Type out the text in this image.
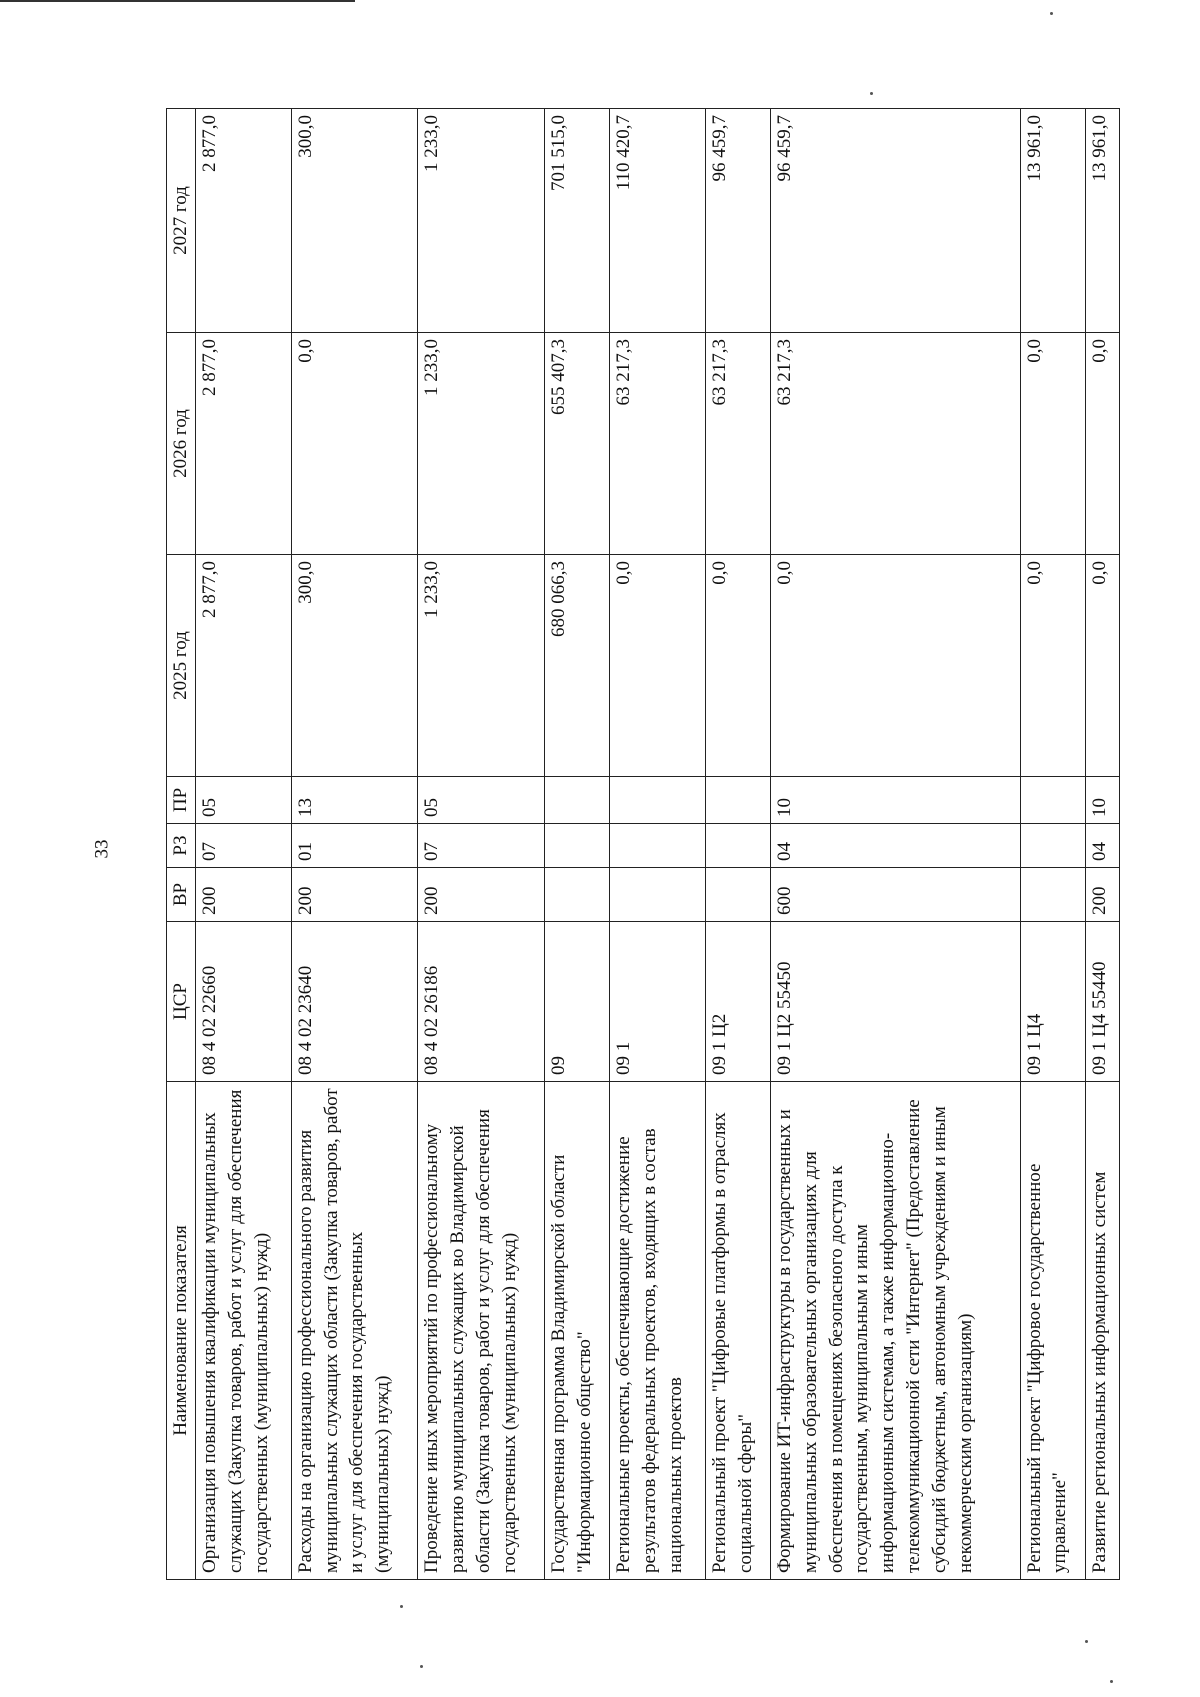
33
Наименование показателя	ЦСР	ВР	РЗ	ПР	2025 год	2026 год	2027 год
Организация повышения квалификации муниципальных служащих (Закупка товаров, работ и услуг для обеспечения государственных (муниципальных) нужд)	08 4 02 22660	200	07	05	2 877,0	2 877,0	2 877,0
Расходы на организацию профессионального развития муниципальных служащих области (Закупка товаров, работ и услуг для обеспечения государственных (муниципальных) нужд)	08 4 02 23640	200	01	13	300,0	0,0	300,0
Проведение иных мероприятий по профессиональному развитию муниципальных служащих во Владимирской области (Закупка товаров, работ и услуг для обеспечения государственных (муниципальных) нужд)	08 4 02 26186	200	07	05	1 233,0	1 233,0	1 233,0
Государственная программа Владимирской области "Информационное общество"	09				680 066,3	655 407,3	701 515,0
Региональные проекты, обеспечивающие достижение результатов федеральных проектов, входящих в состав национальных проектов	09 1				0,0	63 217,3	110 420,7
Региональный проект "Цифровые платформы в отраслях социальной сферы"	09 1 Ц2				0,0	63 217,3	96 459,7
Формирование ИТ-инфраструктуры в государственных и муниципальных образовательных организациях для обеспечения в помещениях безопасного доступа к государственным, муниципальным и иным информационным системам, а также информационно-телекоммуникационной сети "Интернет" (Предоставление субсидий бюджетным, автономным учреждениям и иным некоммерческим организациям)	09 1 Ц2 55450	600	04	10	0,0	63 217,3	96 459,7
Региональный проект "Цифровое государственное управление"	09 1 Ц4				0,0	0,0	13 961,0
Развитие региональных информационных систем	09 1 Ц4 55440	200	04	10	0,0	0,0	13 961,0
